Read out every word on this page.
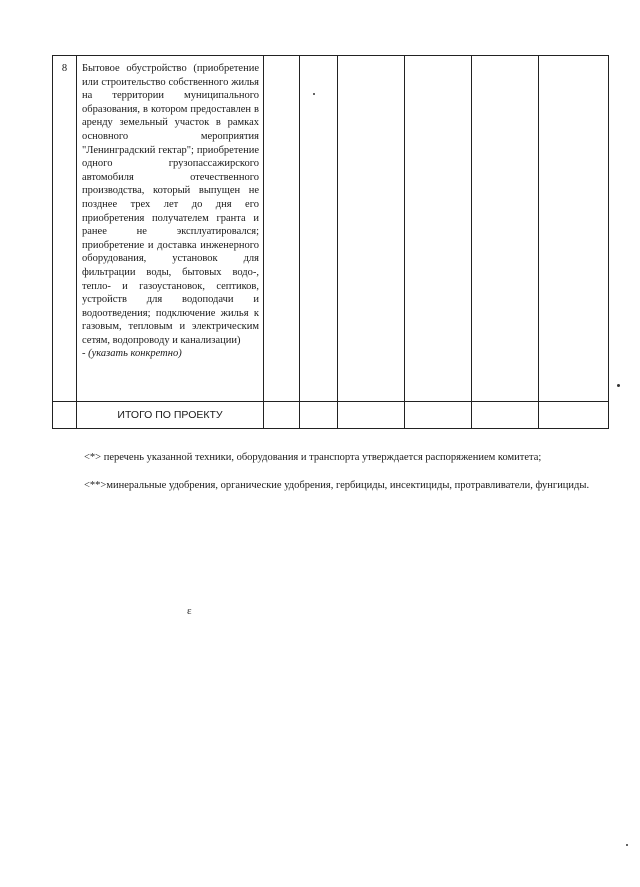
8	Бытовое обустройство (приобретение или строительство собственного жилья на территории муниципального образования, в котором предоставлен в аренду земельный участок в рамках основного мероприятия "Ленинградский гектар"; приобретение одного грузопассажирского автомобиля отечественного производства, который выпущен не позднее трех лет до дня его приобретения получателем гранта и ранее не эксплуатировался; приобретение и доставка инженерного оборудования, установок для фильтрации воды, бытовых водо-, тепло- и газоустановок, септиков, устройств для водоподачи и водоотведения; подключение жилья к газовым, тепловым и электрическим сетям, водопроводу и канализации)
- (указать конкретно)						

	ИТОГО ПО ПРОЕКТУ						
<*> перечень указанной техники, оборудования и транспорта утверждается распоряжением комитета;
<**>минеральные удобрения, органические удобрения, гербициды, инсектициды, протравливатели, фунгициды.
ɛ
